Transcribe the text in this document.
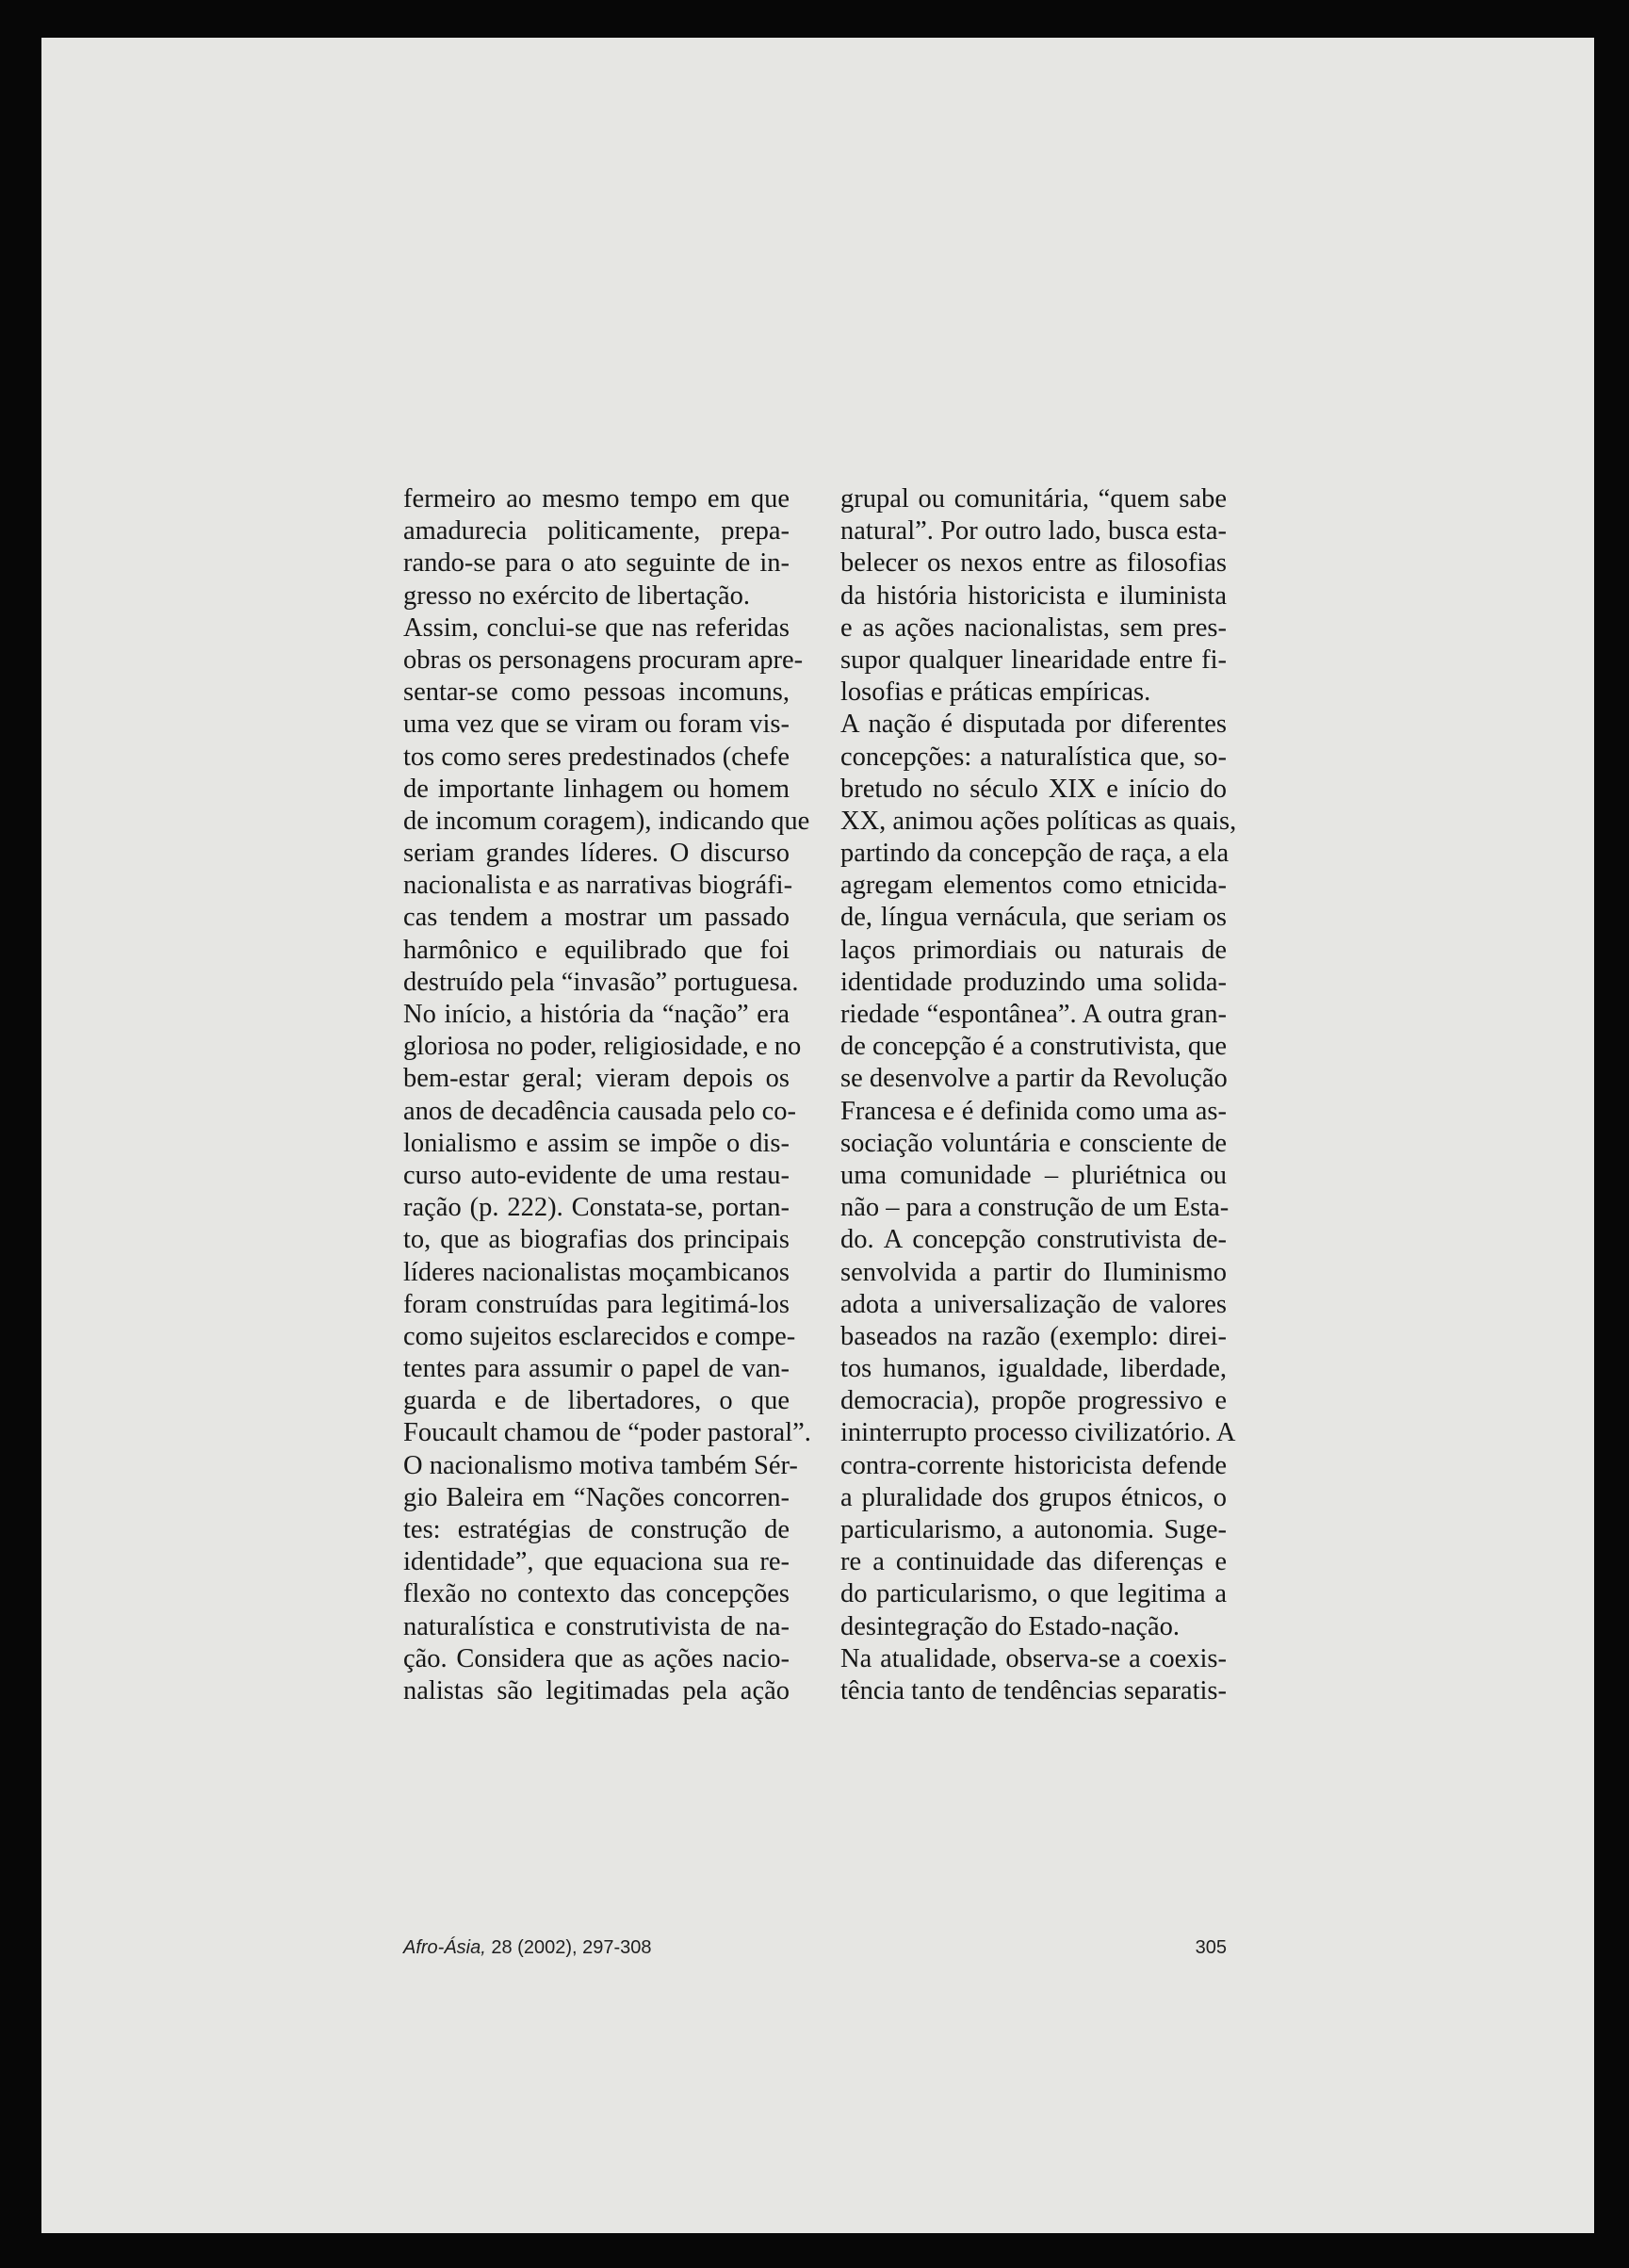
fermeiro ao mesmo tempo em que
amadurecia politicamente, prepa-
rando-se para o ato seguinte de in-
gresso no exército de libertação.
Assim, conclui-se que nas referidas
obras os personagens procuram apre-
sentar-se como pessoas incomuns,
uma vez que se viram ou foram vis-
tos como seres predestinados (chefe
de importante linhagem ou homem
de incomum coragem), indicando que
seriam grandes líderes. O discurso
nacionalista e as narrativas biográfi-
cas tendem a mostrar um passado
harmônico e equilibrado que foi
destruído pela “invasão” portuguesa.
No início, a história da “nação” era
gloriosa no poder, religiosidade, e no
bem-estar geral; vieram depois os
anos de decadência causada pelo co-
lonialismo e assim se impõe o dis-
curso auto-evidente de uma restau-
ração (p. 222). Constata-se, portan-
to, que as biografias dos principais
líderes nacionalistas moçambicanos
foram construídas para legitimá-los
como sujeitos esclarecidos e compe-
tentes para assumir o papel de van-
guarda e de libertadores, o que
Foucault chamou de “poder pastoral”.
O nacionalismo motiva também Sér-
gio Baleira em “Nações concorren-
tes: estratégias de construção de
identidade”, que equaciona sua re-
flexão no contexto das concepções
naturalística e construtivista de na-
ção. Considera que as ações nacio-
nalistas são legitimadas pela ação
grupal ou comunitária, “quem sabe
natural”. Por outro lado, busca esta-
belecer os nexos entre as filosofias
da história historicista e iluminista
e as ações nacionalistas, sem pres-
supor qualquer linearidade entre fi-
losofias e práticas empíricas.
A nação é disputada por diferentes
concepções: a naturalística que, so-
bretudo no século XIX e início do
XX, animou ações políticas as quais,
partindo da concepção de raça, a ela
agregam elementos como etnicida-
de, língua vernácula, que seriam os
laços primordiais ou naturais de
identidade produzindo uma solida-
riedade “espontânea”. A outra gran-
de concepção é a construtivista, que
se desenvolve a partir da Revolução
Francesa e é definida como uma as-
sociação voluntária e consciente de
uma comunidade – pluriétnica ou
não – para a construção de um Esta-
do. A concepção construtivista de-
senvolvida a partir do Iluminismo
adota a universalização de valores
baseados na razão (exemplo: direi-
tos humanos, igualdade, liberdade,
democracia), propõe progressivo e
ininterrupto processo civilizatório. A
contra-corrente historicista defende
a pluralidade dos grupos étnicos, o
particularismo, a autonomia. Suge-
re a continuidade das diferenças e
do particularismo, o que legitima a
desintegração do Estado-nação.
Na atualidade, observa-se a coexis-
tência tanto de tendências separatis-
Afro-Ásia, 28 (2002), 297-308	305
